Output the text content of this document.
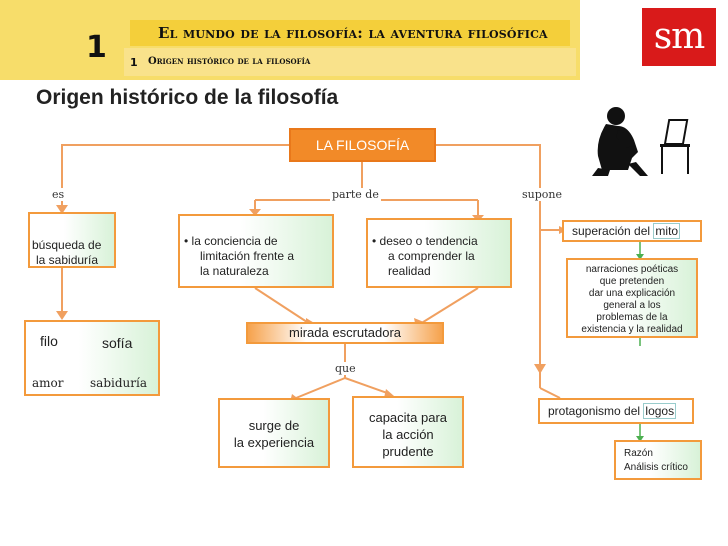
1	El mundo de la filosofía: la aventura filosófica
1 Origen histórico de la filosofía
sm
Origen histórico de la filosofía
LA FILOSOFÍA
es	parte de	supone
que
búsqueda de
la sabiduría
filo	sofía
amor sabiduría
• la conciencia de
limitación frente a
la naturaleza
• deseo o tendencia
a comprender la
realidad
mirada escrutadora
surge de
la experiencia
capacita para
la acción
prudente
superación del mito
narraciones poéticas
que pretenden
dar una explicación
general a los
problemas de la
existencia y la realidad
protagonismo del logos
Razón
Análisis crítico
